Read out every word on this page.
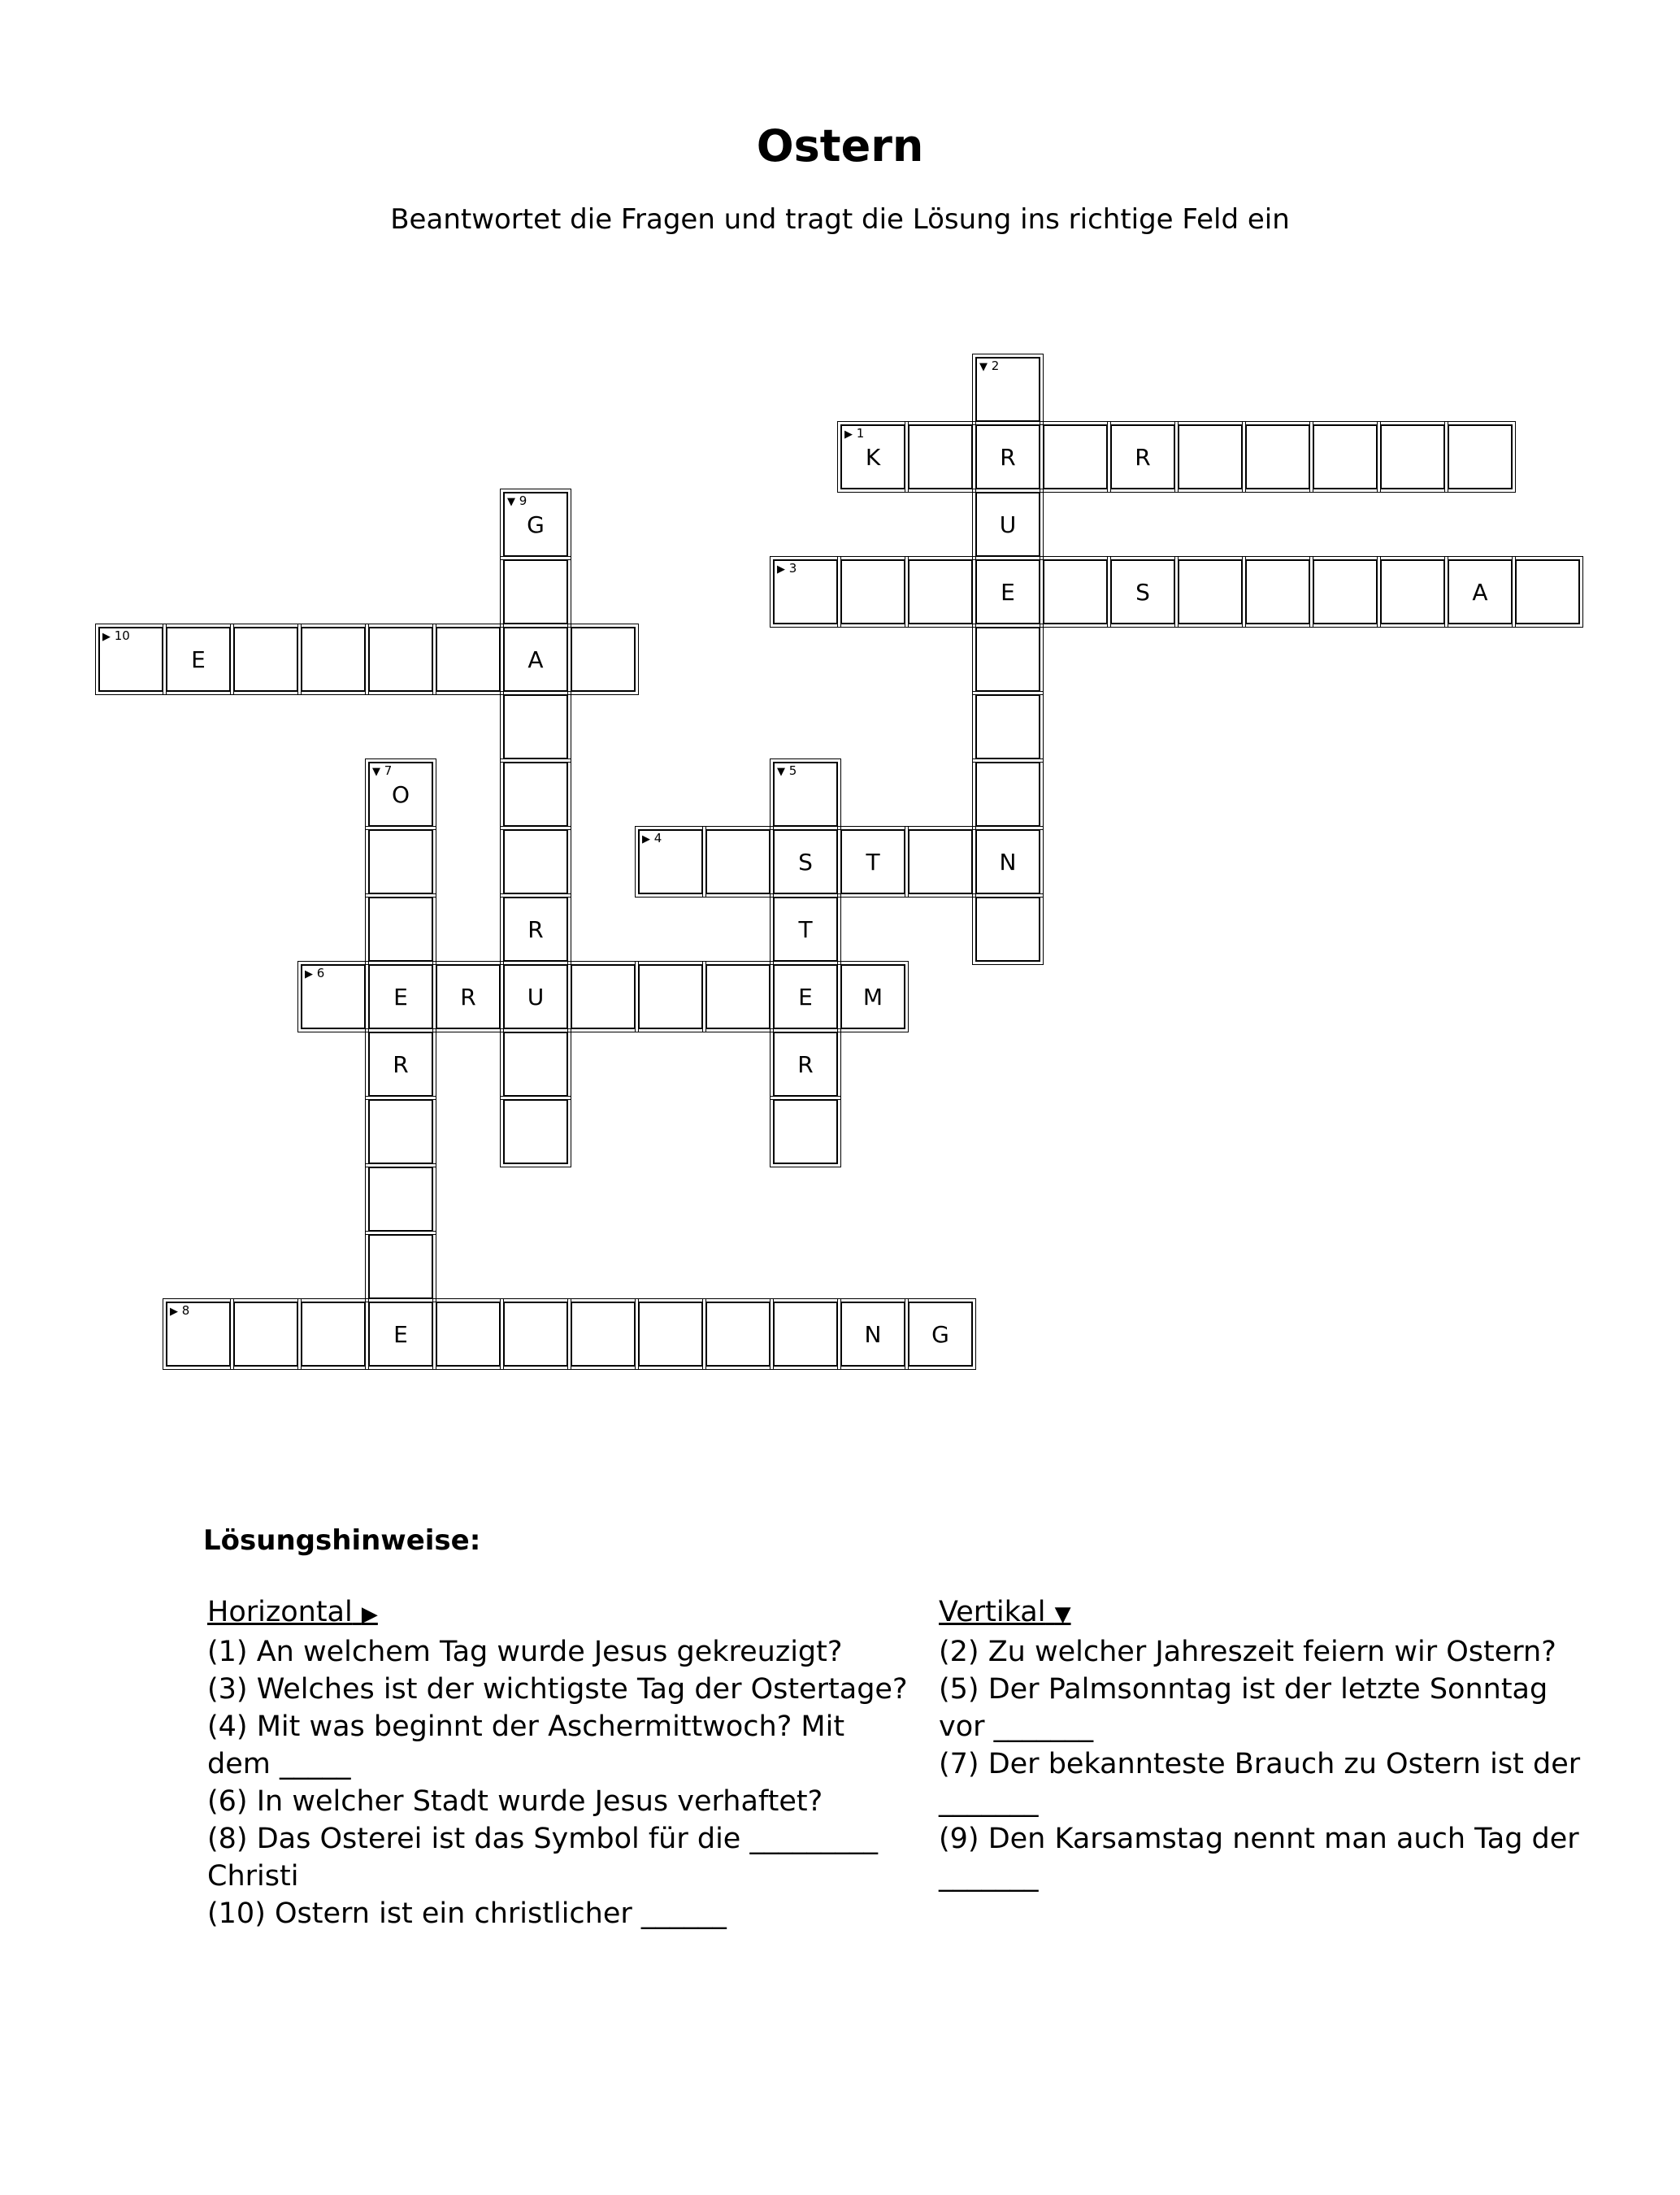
Ostern
Beantwortet die Fragen und tragt die Lösung ins richtige Feld ein
▶ 1
K	R	R
▼ 2
U
E
N
▶ 3
S	A
▶ 4
S	T
▼ 5
T
E
R
▶ 6
E	R	U	M
▼ 7
O
R
▶ 8
E	N	G
▼ 9
G
A
R
▶ 10
E
Lösungshinweise:
Horizontal ▶
(1) An welchem Tag wurde Jesus gekreuzigt?
(3) Welches ist der wichtigste Tag der Ostertage?
(4) Mit was beginnt der Aschermittwoch? Mit dem _____
(6) In welcher Stadt wurde Jesus verhaftet?
(8) Das Osterei ist das Symbol für die _________ Christi
(10) Ostern ist ein christlicher ______
Vertikal ▼
(2) Zu welcher Jahreszeit feiern wir Ostern?
(5) Der Palmsonntag ist der letzte Sonntag vor _______
(7) Der bekannteste Brauch zu Ostern ist der _______
(9) Den Karsamstag nennt man auch Tag der _______
